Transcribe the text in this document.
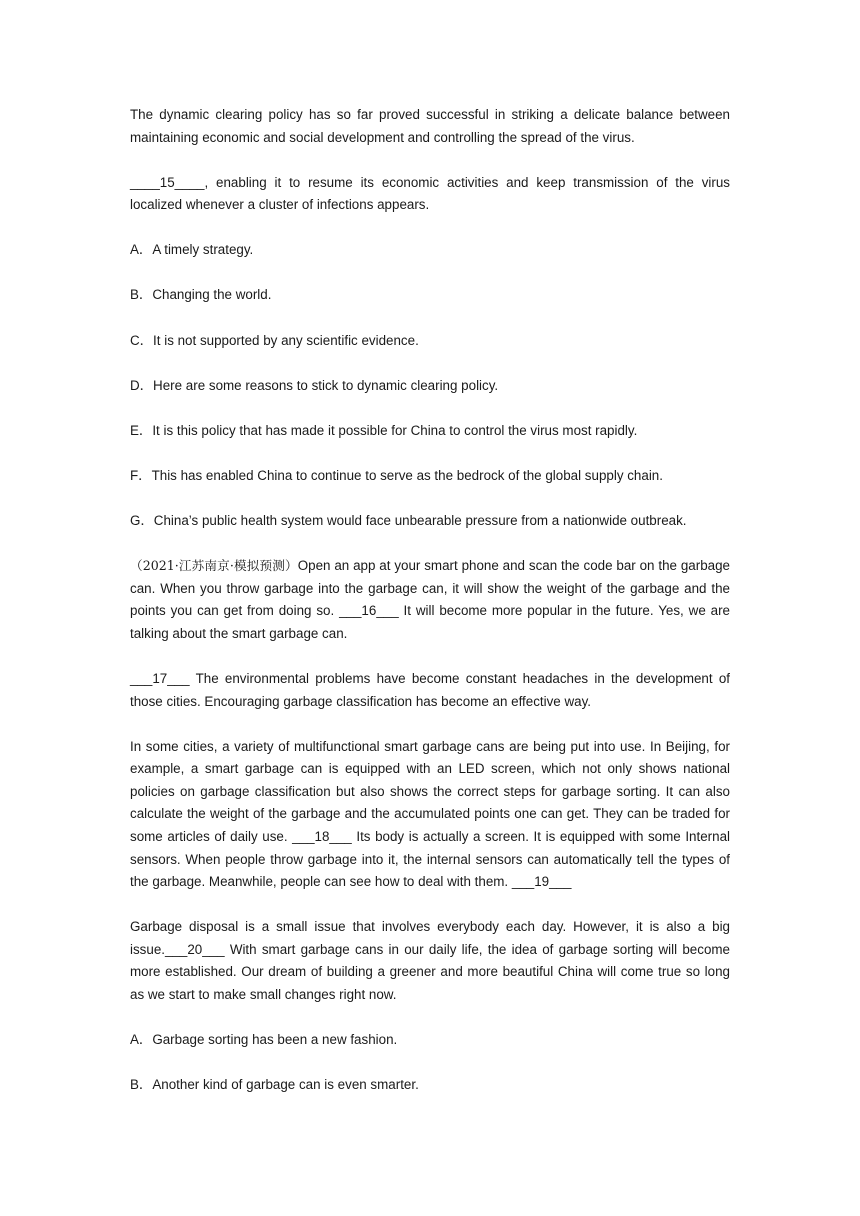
The dynamic clearing policy has so far proved successful in striking a delicate balance between maintaining economic and social development and controlling the spread of the virus.

____15____, enabling it to resume its economic activities and keep transmission of the virus localized whenever a cluster of infections appears.

A．A timely strategy.

B．Changing the world.

C．It is not supported by any scientific evidence.

D．Here are some reasons to stick to dynamic clearing policy.

E．It is this policy that has made it possible for China to control the virus most rapidly.

F．This has enabled China to continue to serve as the bedrock of the global supply chain.

G．China’s public health system would face unbearable pressure from a nationwide outbreak.

（2021·江苏南京·模拟预测）Open an app at your smart phone and scan the code bar on the garbage can. When you throw garbage into the garbage can, it will show the weight of the garbage and the points you can get from doing so. ___16___ It will become more popular in the future. Yes, we are talking about the smart garbage can.

___17___ The environmental problems have become constant headaches in the development of those cities. Encouraging garbage classification has become an effective way.

In some cities, a variety of multifunctional smart garbage cans are being put into use. In Beijing, for example, a smart garbage can is equipped with an LED screen, which not only shows national policies on garbage classification but also shows the correct steps for garbage sorting. It can also calculate the weight of the garbage and the accumulated points one can get. They can be traded for some articles of daily use. ___18___ Its body is actually a screen. It is equipped with some Internal sensors. When people throw garbage into it, the internal sensors can automatically tell the types of the garbage. Meanwhile, people can see how to deal with them. ___19___

Garbage disposal is a small issue that involves everybody each day. However, it is also a big issue.___20___ With smart garbage cans in our daily life, the idea of garbage sorting will become more established. Our dream of building a greener and more beautiful China will come true so long as we start to make small changes right now.

A．Garbage sorting has been a new fashion.

B．Another kind of garbage can is even smarter.
